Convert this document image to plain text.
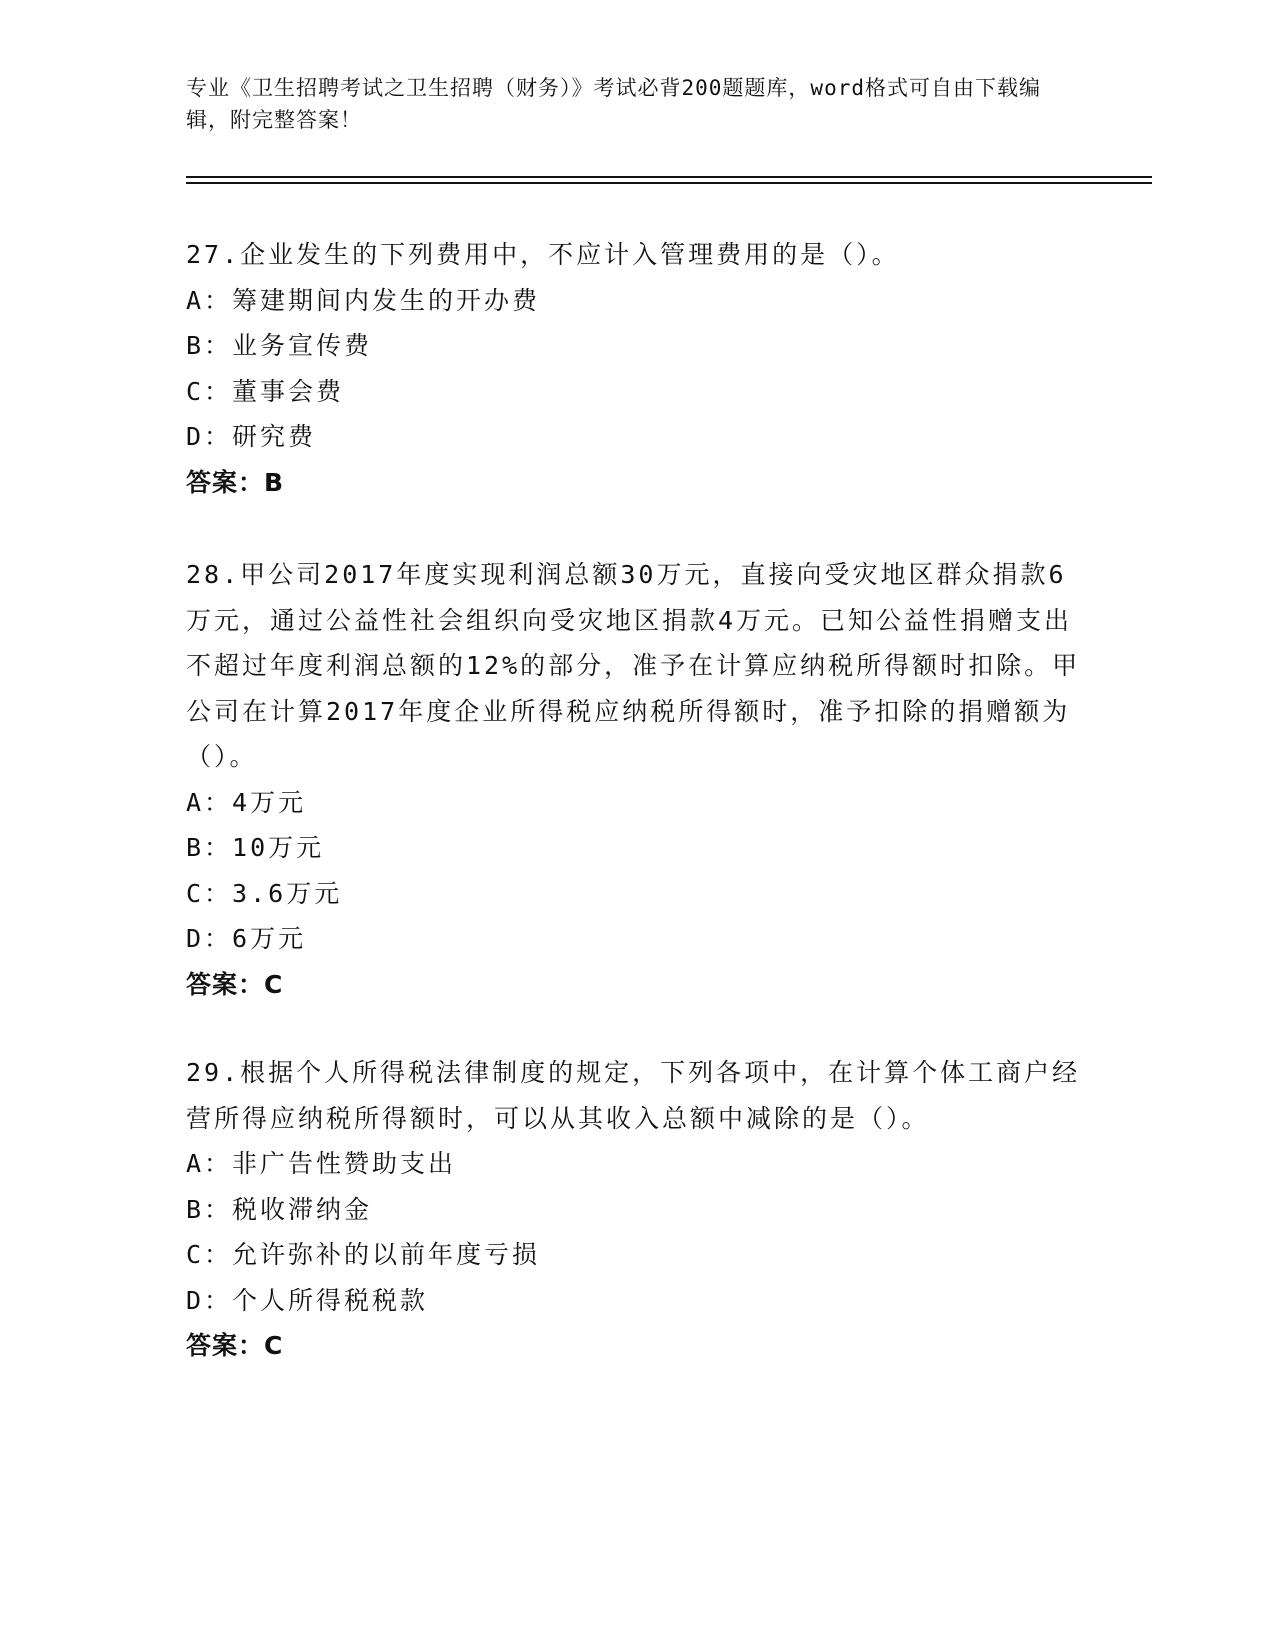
专业《卫生招聘考试之卫生招聘（财务）》考试必背200题题库，word格式可自由下载编辑，附完整答案！

27.企业发生的下列费用中，不应计入管理费用的是（）。

A：筹建期间内发生的开办费

B：业务宣传费

C：董事会费

D：研究费

答案：B

28.甲公司2017年度实现利润总额30万元，直接向受灾地区群众捐款6万元，通过公益性社会组织向受灾地区捐款4万元。已知公益性捐赠支出不超过年度利润总额的12%的部分，准予在计算应纳税所得额时扣除。甲公司在计算2017年度企业所得税应纳税所得额时，准予扣除的捐赠额为（）。

A：4万元

B：10万元

C：3.6万元

D：6万元

答案：C

29.根据个人所得税法律制度的规定，下列各项中，在计算个体工商户经营所得应纳税所得额时，可以从其收入总额中减除的是（）。

A：非广告性赞助支出

B：税收滞纳金

C：允许弥补的以前年度亏损

D：个人所得税税款

答案：C
